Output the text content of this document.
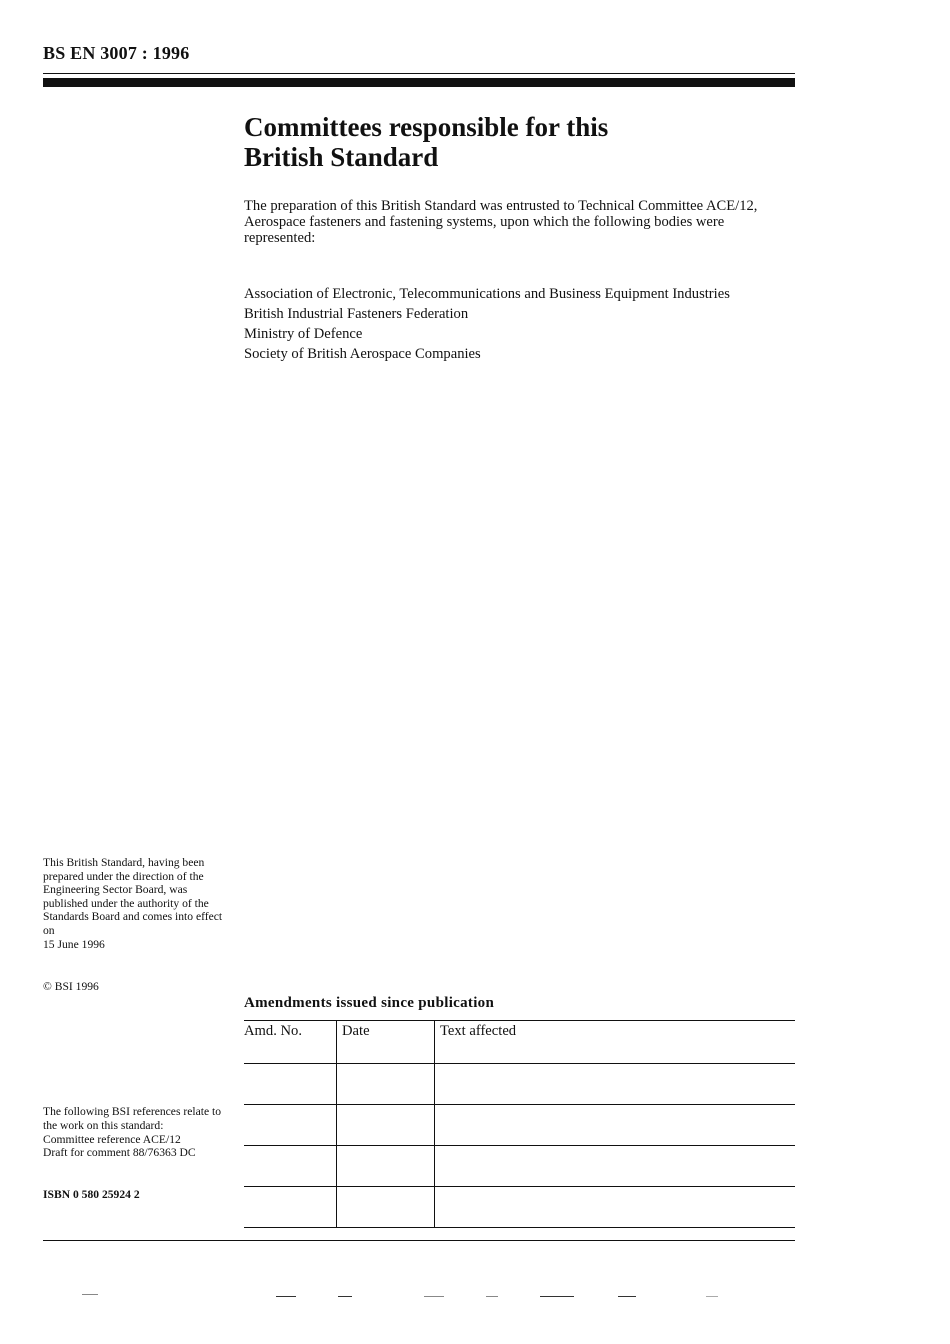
BS EN 3007 : 1996
Committees responsible for this
British Standard
The preparation of this British Standard was entrusted to Technical Committee ACE/12, Aerospace fasteners and fastening systems, upon which the following bodies were represented:
Association of Electronic, Telecommunications and Business Equipment Industries
British Industrial Fasteners Federation
Ministry of Defence
Society of British Aerospace Companies
This British Standard, having been prepared under the direction of the Engineering Sector Board, was published under the authority of the Standards Board and comes into effect on
15 June 1996
© BSI 1996
Amendments issued since publication
Amd. No.	Date	Text affected

The following BSI references relate to the work on this standard:
Committee reference ACE/12
Draft for comment 88/76363 DC
ISBN 0 580 25924 2
